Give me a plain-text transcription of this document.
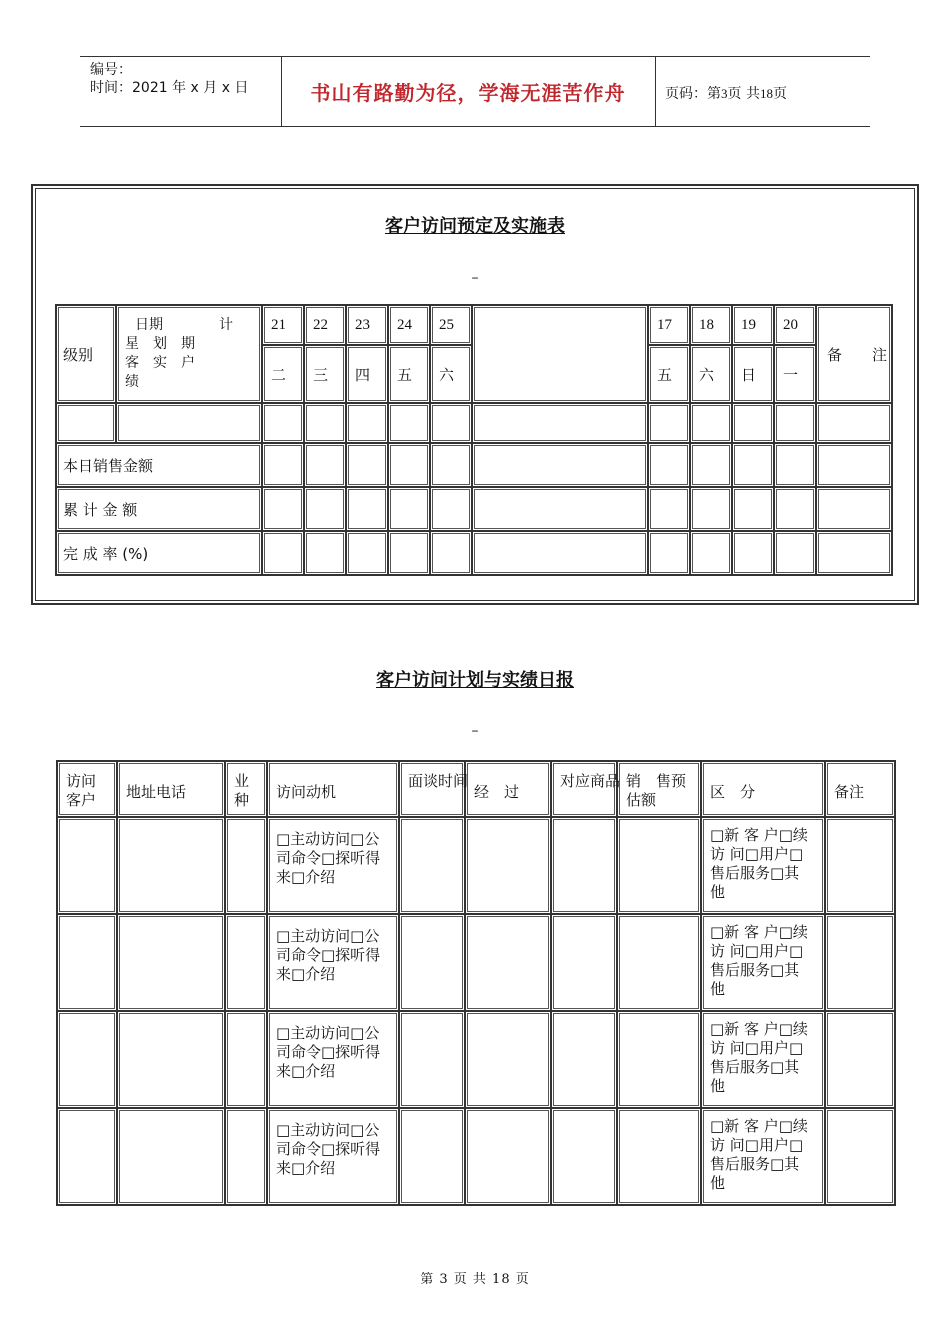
编号：
时间：2021 年 x 月 x 日	书山有路勤为径，学海无涯苦作舟	页码：第3页 共18页
客户访问预定及实施表
–
级别	日期 计
星　划　期
客　实　户
绩	21	22	23	24	25		17	18	19	20	备　　注
		二	三	四	五	六		五	六	日	一	

本日销售金额												
累 计 金 额												
完 成 率 (%)												
客户访问计划与实绩日报
–
访问客户	地址电话	业种	访问动机	面谈时间	经　过	对应商品	销　售预估额	区　分	备注
			□主动访问□公司命令□探听得来□介绍					□新 客 户□续 访 问□用户□售后服务□其 他	
			□主动访问□公司命令□探听得来□介绍					□新 客 户□续 访 问□用户□售后服务□其 他	
			□主动访问□公司命令□探听得来□介绍					□新 客 户□续 访 问□用户□售后服务□其 他	
			□主动访问□公司命令□探听得来□介绍					□新 客 户□续 访 问□用户□售后服务□其 他	
第 3 页 共 18 页
